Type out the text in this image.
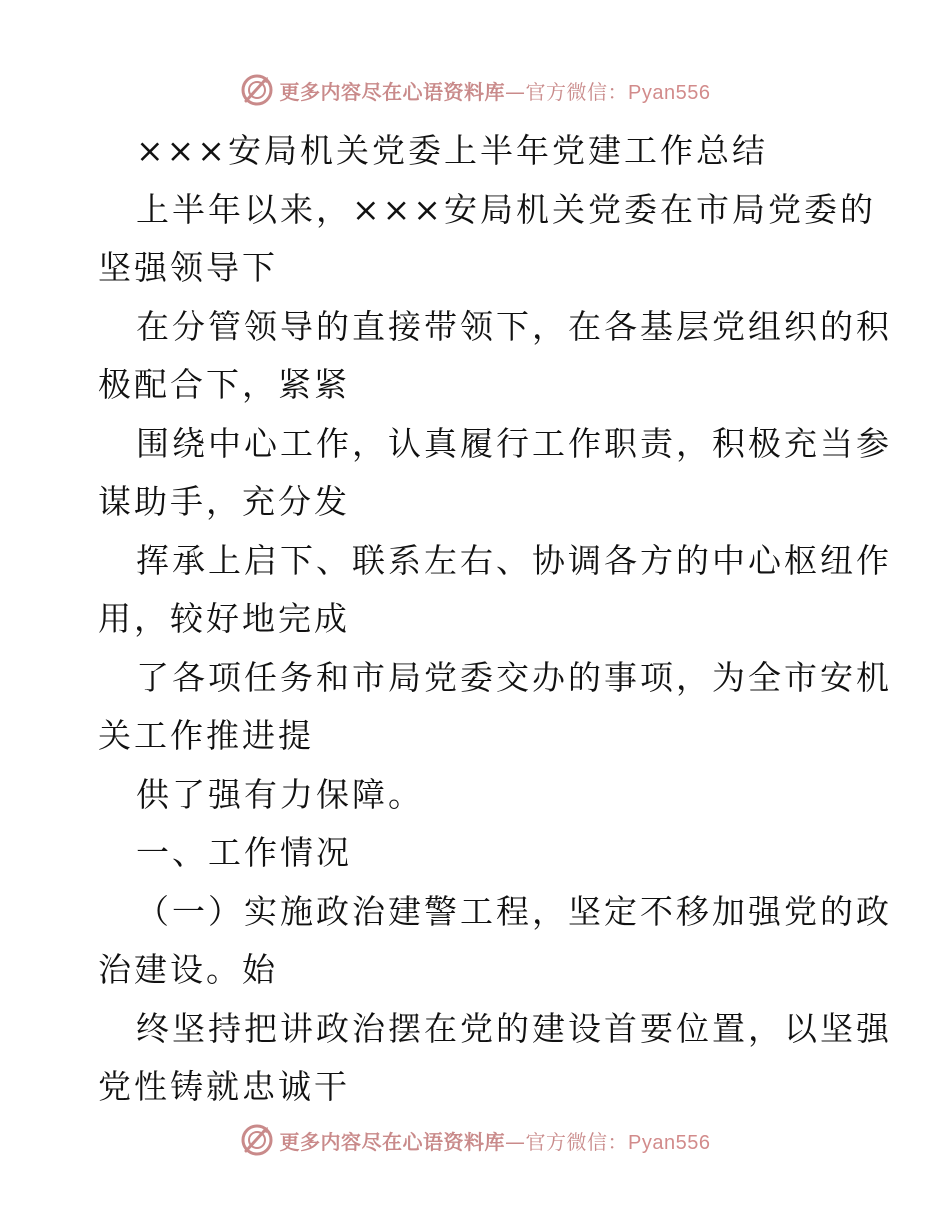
更多内容尽在心语资料库—官方微信：Pyan556
×××安局机关党委上半年党建工作总结
上半年以来，×××安局机关党委在市局党委的
坚强领导下
在分管领导的直接带领下，在各基层党组织的积
极配合下，紧紧
围绕中心工作，认真履行工作职责，积极充当参
谋助手，充分发
挥承上启下、联系左右、协调各方的中心枢纽作
用，较好地完成
了各项任务和市局党委交办的事项，为全市安机
关工作推进提
供了强有力保障。
一、工作情况
（一）实施政治建警工程，坚定不移加强党的政
治建设。始
终坚持把讲政治摆在党的建设首要位置，以坚强
党性铸就忠诚干
更多内容尽在心语资料库—官方微信：Pyan556
